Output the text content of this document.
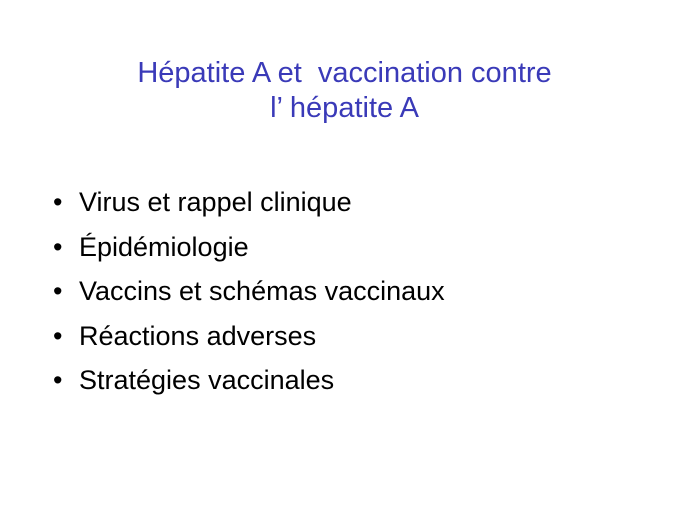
Hépatite A et  vaccination contre
l’ hépatite A
• Virus et rappel clinique
• Épidémiologie
• Vaccins et schémas vaccinaux
• Réactions adverses
• Stratégies vaccinales
